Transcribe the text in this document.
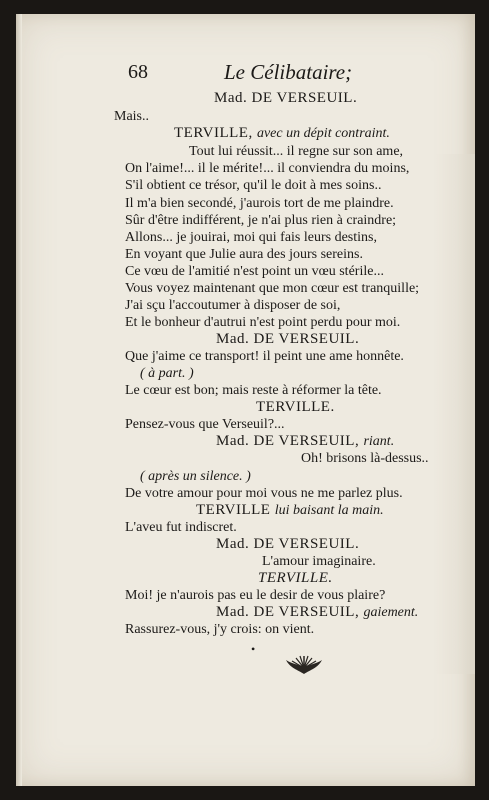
68	Le Célibataire;
Mad. DE VERSEUIL.
Mais..
TERVILLE, avec un dépit contraint.
Tout lui réussit... il regne sur son ame,
On l'aime!... il le mérite!... il conviendra du moins,
S'il obtient ce trésor, qu'il le doit à mes soins..
Il m'a bien secondé, j'aurois tort de me plaindre.
Sûr d'être indifférent, je n'ai plus rien à craindre;
Allons... je jouirai, moi qui fais leurs destins,
En voyant que Julie aura des jours sereins.
Ce vœu de l'amitié n'est point un vœu stérile...
Vous voyez maintenant que mon cœur est tranquille;
J'ai sçu l'accoutumer à disposer de soi,
Et le bonheur d'autrui n'est point perdu pour moi.
Mad. DE VERSEUIL.
Que j'aime ce transport! il peint une ame honnête.
( à part. )
Le cœur est bon; mais reste à réformer la tête.
TERVILLE.
Pensez-vous que Verseuil?...
Mad. DE VERSEUIL, riant.
Oh! brisons là-dessus..
( après un silence. )
De votre amour pour moi vous ne me parlez plus.
TERVILLE lui baisant la main.
L'aveu fut indiscret.
Mad. DE VERSEUIL.
L'amour imaginaire.
TERVILLE.
Moi! je n'aurois pas eu le desir de vous plaire?
Mad. DE VERSEUIL, gaiement.
Rassurez-vous, j'y crois: on vient.
•
